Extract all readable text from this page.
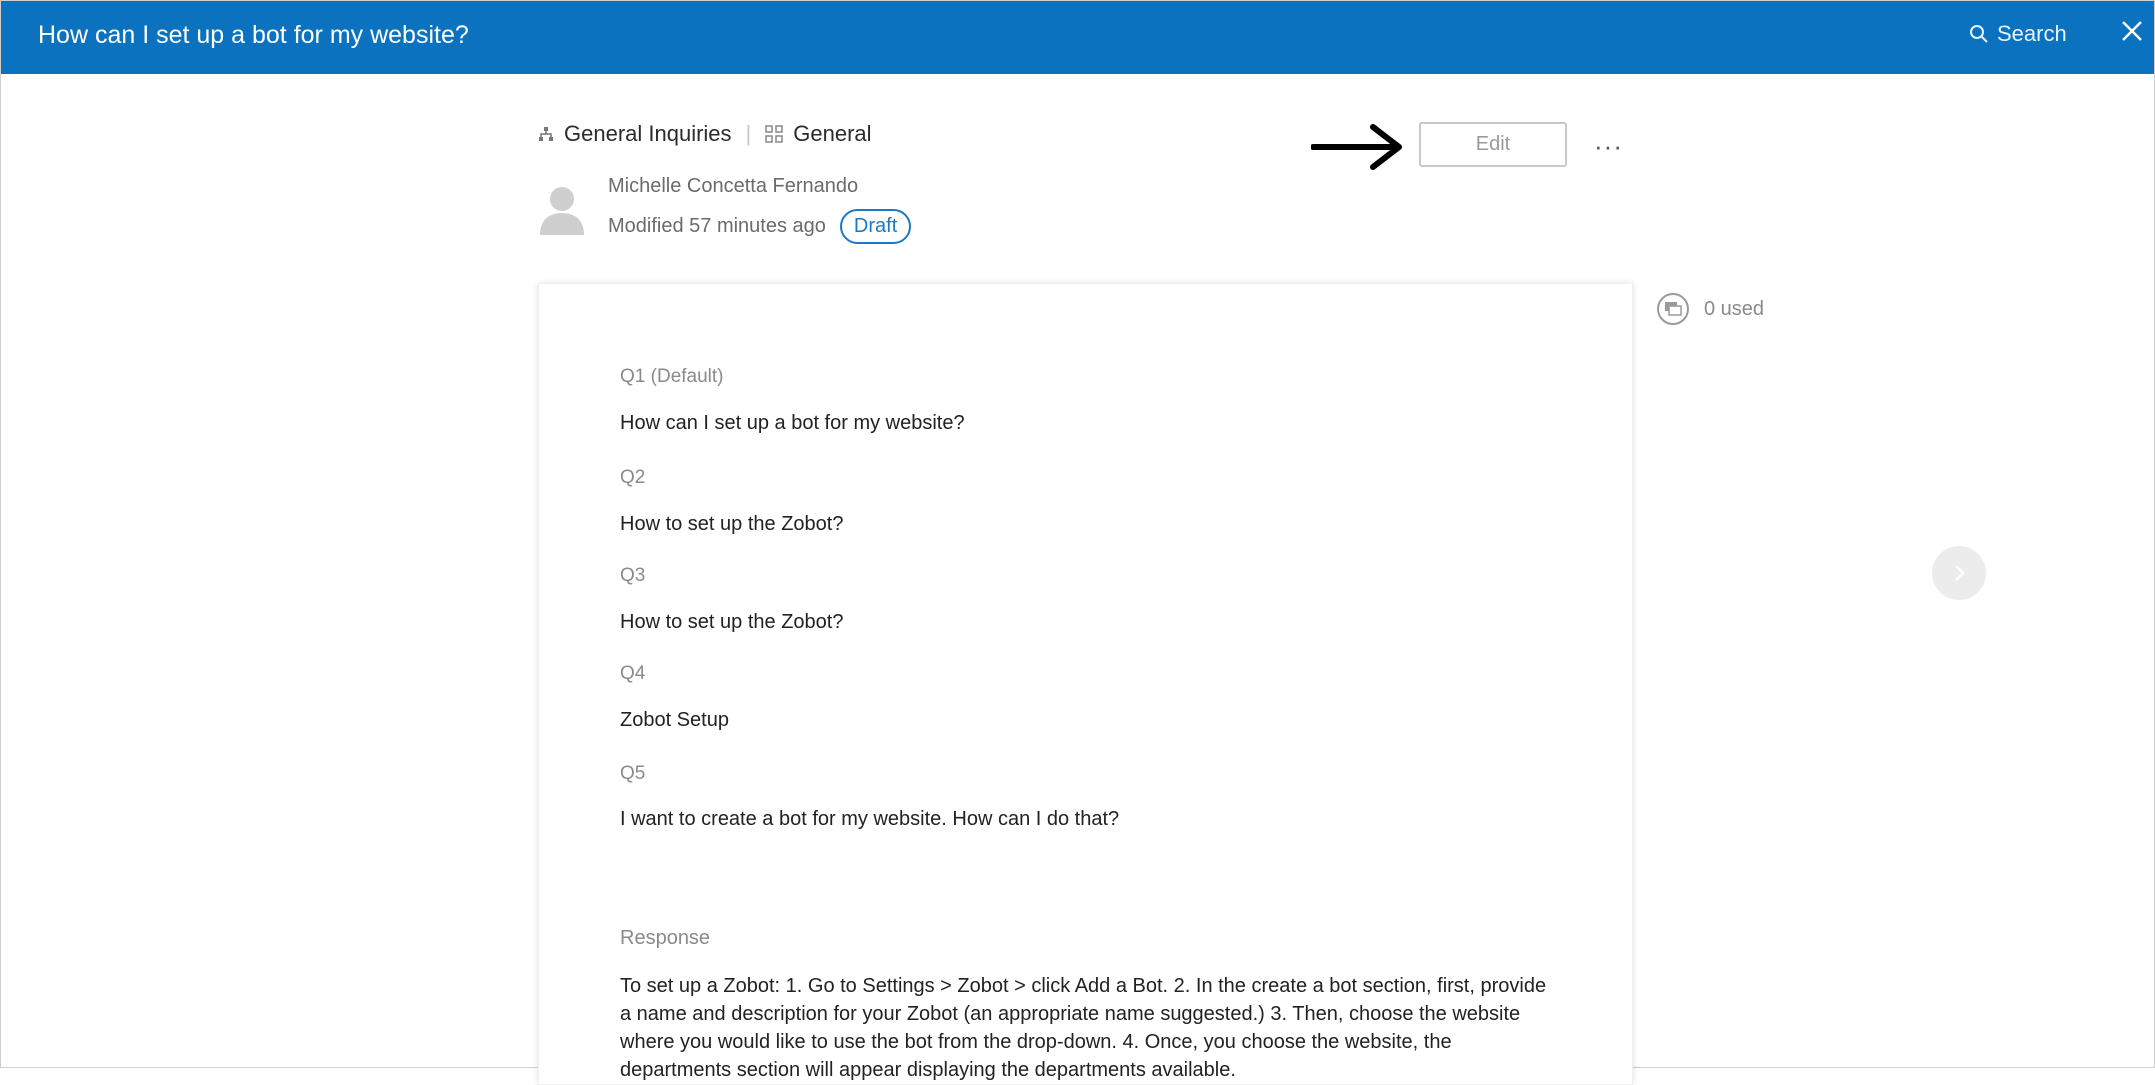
How can I set up a bot for my website?	Search
General Inquiries | General
Michelle Concetta Fernando
Modified 57 minutes ago	Draft
Edit	···
Q1 (Default)
How can I set up a bot for my website?
Q2
How to set up the Zobot?
Q3
How to set up the Zobot?
Q4
Zobot Setup
Q5
I want to create a bot for my website. How can I do that?
Response
To set up a Zobot: 1. Go to Settings > Zobot > click Add a Bot. 2. In the create a bot section, first, provide a name and description for your Zobot (an appropriate name suggested.) 3. Then, choose the website where you would like to use the bot from the drop-down. 4. Once, you choose the website, the departments section will appear displaying the departments available.
0 used
